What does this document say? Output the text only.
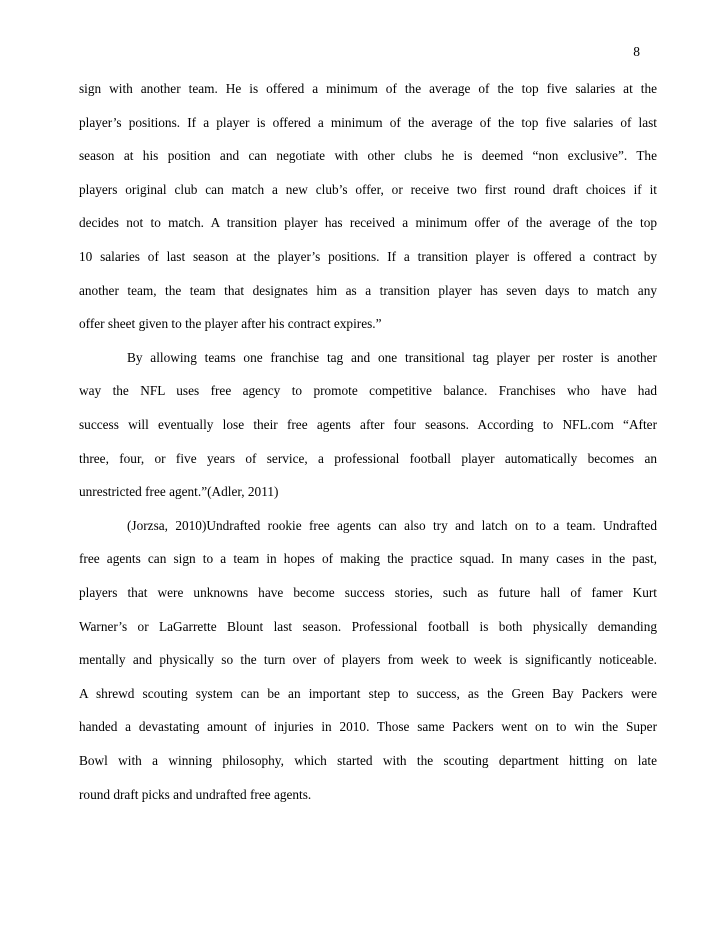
8
sign with another team. He is offered a minimum of the average of the top five salaries at the
player’s positions. If a player is offered a minimum of the average of the top five salaries of last
season at his position and can negotiate with other clubs he is deemed “non exclusive”. The
players original club can match a new club’s offer, or receive two first round draft choices if it
decides not to match. A transition player has received a minimum offer of the average of the top
10 salaries of last season at the player’s positions. If a transition player is offered a contract by
another team, the team that designates him as a transition player has seven days to match any
offer sheet given to the player after his contract expires.”
By allowing teams one franchise tag and one transitional tag player per roster is another
way the NFL uses free agency to promote competitive balance. Franchises who have had
success will eventually lose their free agents after four seasons. According to NFL.com “After
three, four, or five years of service, a professional football player automatically becomes an
unrestricted free agent.”(Adler, 2011)
(Jorzsa, 2010)Undrafted rookie free agents can also try and latch on to a team. Undrafted
free agents can sign to a team in hopes of making the practice squad. In many cases in the past,
players that were unknowns have become success stories, such as future hall of famer Kurt
Warner’s or LaGarrette Blount last season. Professional football is both physically demanding
mentally and physically so the turn over of players from week to week is significantly noticeable.
A shrewd scouting system can be an important step to success, as the Green Bay Packers were
handed a devastating amount of injuries in 2010. Those same Packers went on to win the Super
Bowl with a winning philosophy, which started with the scouting department hitting on late
round draft picks and undrafted free agents.
